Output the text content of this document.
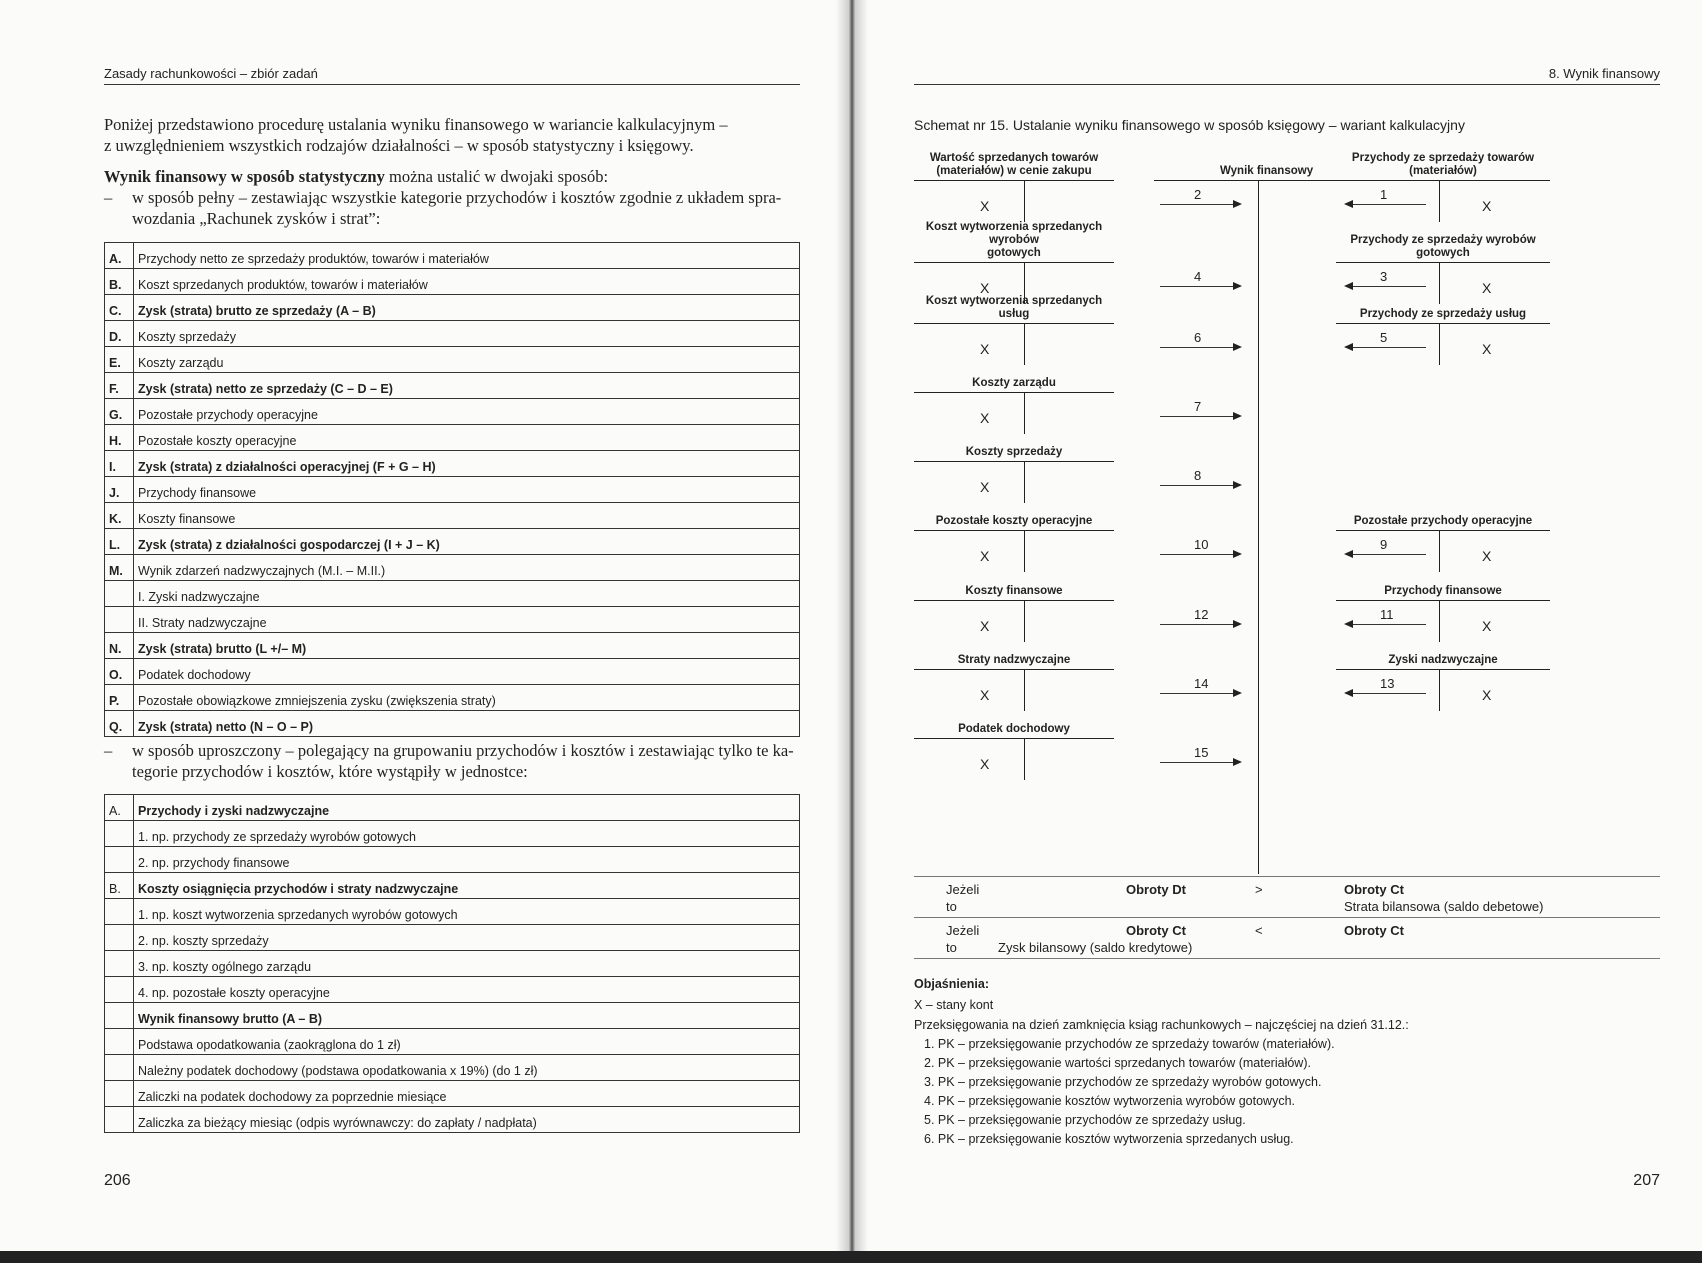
Zasady rachunkowości – zbiór zadań
Poniżej przedstawiono procedurę ustalania wyniku finansowego w wariancie kalkulacyjnym –
z uwzględnieniem wszystkich rodzajów działalności – w sposób statystyczny i księgowy.
Wynik finansowy w sposób statystyczny można ustalić w dwojaki sposób:
– w sposób pełny – zestawiając wszystkie kategorie przychodów i kosztów zgodnie z układem spra-
wozdania „Rachunek zysków i strat”:
A.	Przychody netto ze sprzedaży produktów, towarów i materiałów
B.	Koszt sprzedanych produktów, towarów i materiałów
C.	Zysk (strata) brutto ze sprzedaży (A – B)
D.	Koszty sprzedaży
E.	Koszty zarządu
F.	Zysk (strata) netto ze sprzedaży (C – D – E)
G.	Pozostałe przychody operacyjne
H.	Pozostałe koszty operacyjne
I.	Zysk (strata) z działalności operacyjnej (F + G – H)
J.	Przychody finansowe
K.	Koszty finansowe
L.	Zysk (strata) z działalności gospodarczej (I + J – K)
M.	Wynik zdarzeń nadzwyczajnych (M.I. – M.II.)
	I. Zyski nadzwyczajne
	II. Straty nadzwyczajne
N.	Zysk (strata) brutto (L +/– M)
O.	Podatek dochodowy
P.	Pozostałe obowiązkowe zmniejszenia zysku (zwiększenia straty)
Q.	Zysk (strata) netto (N – O – P)
– w sposób uproszczony – polegający na grupowaniu przychodów i kosztów i zestawiając tylko te ka-
tegorie przychodów i kosztów, które wystąpiły w jednostce:
A.	Przychody i zyski nadzwyczajne
	1. np. przychody ze sprzedaży wyrobów gotowych
	2. np. przychody finansowe
B.	Koszty osiągnięcia przychodów i straty nadzwyczajne
	1. np. koszt wytworzenia sprzedanych wyrobów gotowych
	2. np. koszty sprzedaży
	3. np. koszty ogólnego zarządu
	4. np. pozostałe koszty operacyjne
	Wynik finansowy brutto (A – B)
	Podstawa opodatkowania (zaokrąglona do 1 zł)
	Należny podatek dochodowy (podstawa opodatkowania x 19%) (do 1 zł)
	Zaliczki na podatek dochodowy za poprzednie miesiące
	Zaliczka za bieżący miesiąc (odpis wyrównawczy: do zapłaty / nadpłata)
206
8. Wynik finansowy
Schemat nr 15. Ustalanie wyniku finansowego w sposób księgowy – wariant kalkulacyjny
Wynik finansowy
Wartość sprzedanych towarów
(materiałów) w cenie zakupu
X
2
Koszt wytworzenia sprzedanych wyrobów
gotowych
X
4
Koszt wytworzenia sprzedanych usług
X
6
Koszty zarządu
X
7
Koszty sprzedaży
X
8
Pozostałe koszty operacyjne
X
10
Koszty finansowe
X
12
Straty nadzwyczajne
X
14
Podatek dochodowy
X
15
Przychody ze sprzedaży towarów
(materiałów)
X
1
Przychody ze sprzedaży wyrobów
gotowych
X
3
Przychody ze sprzedaży usług
X
5
Pozostałe przychody operacyjne
X
9
Przychody finansowe
X
11
Zyski nadzwyczajne
X
13
Jeżeli
to
Obroty Dt	>	Obroty Ct
Strata bilansowa (saldo debetowe)
Jeżeli
to
Obroty Ct	<	Obroty Ct
Zysk bilansowy (saldo kredytowe)
Objaśnienia:
X – stany kont
Przeksięgowania na dzień zamknięcia ksiąg rachunkowych – najczęściej na dzień 31.12.:
1. PK – przeksięgowanie przychodów ze sprzedaży towarów (materiałów).
2. PK – przeksięgowanie wartości sprzedanych towarów (materiałów).
3. PK – przeksięgowanie przychodów ze sprzedaży wyrobów gotowych.
4. PK – przeksięgowanie kosztów wytworzenia wyrobów gotowych.
5. PK – przeksięgowanie przychodów ze sprzedaży usług.
6. PK – przeksięgowanie kosztów wytworzenia sprzedanych usług.
207
